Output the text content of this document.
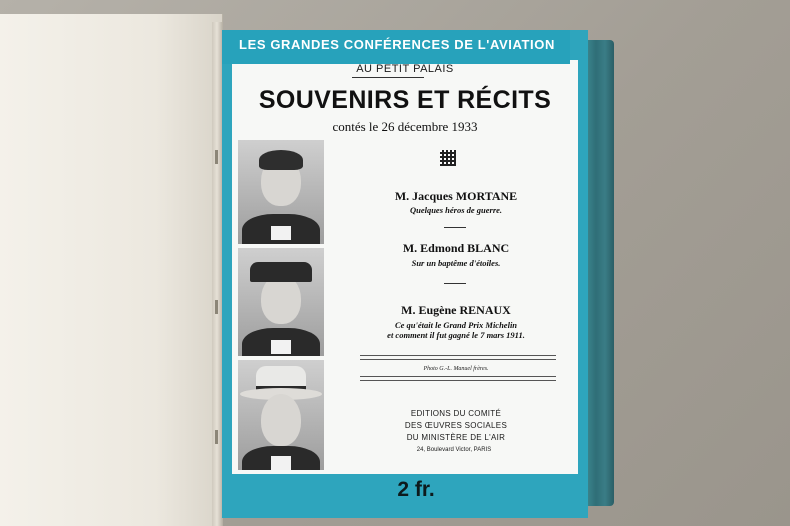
LES GRANDES CONFÉRENCES DE L'AVIATION
AU PETIT PALAIS
SOUVENIRS ET RÉCITS
contés le 26 décembre 1933
M. Jacques MORTANE
Quelques héros de guerre.
M. Edmond BLANC
Sur un baptême d'étoiles.
M. Eugène RENAUX
Ce qu'était le Grand Prix Michelin
et comment il fut gagné le 7 mars 1911.
Photo G.-L. Manuel frères.
EDITIONS DU COMITÉ
DES ŒUVRES SOCIALES
DU MINISTÈRE DE L'AIR
24, Boulevard Victor, PARIS
2 fr.
